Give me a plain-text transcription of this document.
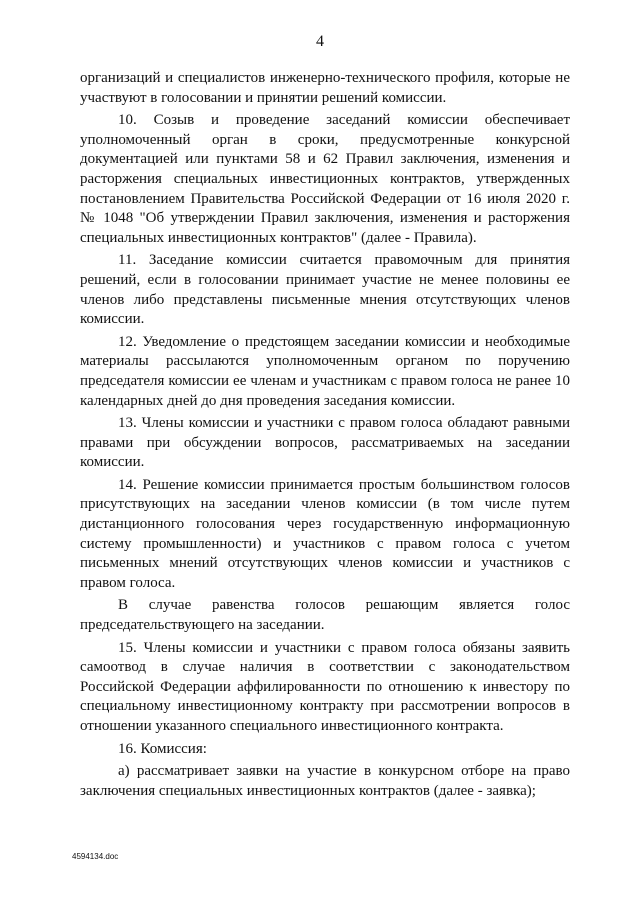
4

организаций и специалистов инженерно-технического профиля, которые не участвуют в голосовании и принятии решений комиссии.

10. Созыв и проведение заседаний комиссии обеспечивает уполномоченный орган в сроки, предусмотренные конкурсной документацией или пунктами 58 и 62 Правил заключения, изменения и расторжения специальных инвестиционных контрактов, утвержденных постановлением Правительства Российской Федерации от 16 июля 2020 г. № 1048 "Об утверждении Правил заключения, изменения и расторжения специальных инвестиционных контрактов" (далее - Правила).

11. Заседание комиссии считается правомочным для принятия решений, если в голосовании принимает участие не менее половины ее членов либо представлены письменные мнения отсутствующих членов комиссии.

12. Уведомление о предстоящем заседании комиссии и необходимые материалы рассылаются уполномоченным органом по поручению председателя комиссии ее членам и участникам с правом голоса не ранее 10 календарных дней до дня проведения заседания комиссии.

13. Члены комиссии и участники с правом голоса обладают равными правами при обсуждении вопросов, рассматриваемых на заседании комиссии.

14. Решение комиссии принимается простым большинством голосов присутствующих на заседании членов комиссии (в том числе путем дистанционного голосования через государственную информационную систему промышленности) и участников с правом голоса с учетом письменных мнений отсутствующих членов комиссии и участников с правом голоса.

В случае равенства голосов решающим является голос председательствующего на заседании.

15. Члены комиссии и участники с правом голоса обязаны заявить самоотвод в случае наличия в соответствии с законодательством Российской Федерации аффилированности по отношению к инвестору по специальному инвестиционному контракту при рассмотрении вопросов в отношении указанного специального инвестиционного контракта.

16. Комиссия:

а) рассматривает заявки на участие в конкурсном отборе на право заключения специальных инвестиционных контрактов (далее - заявка);

4594134.doc
